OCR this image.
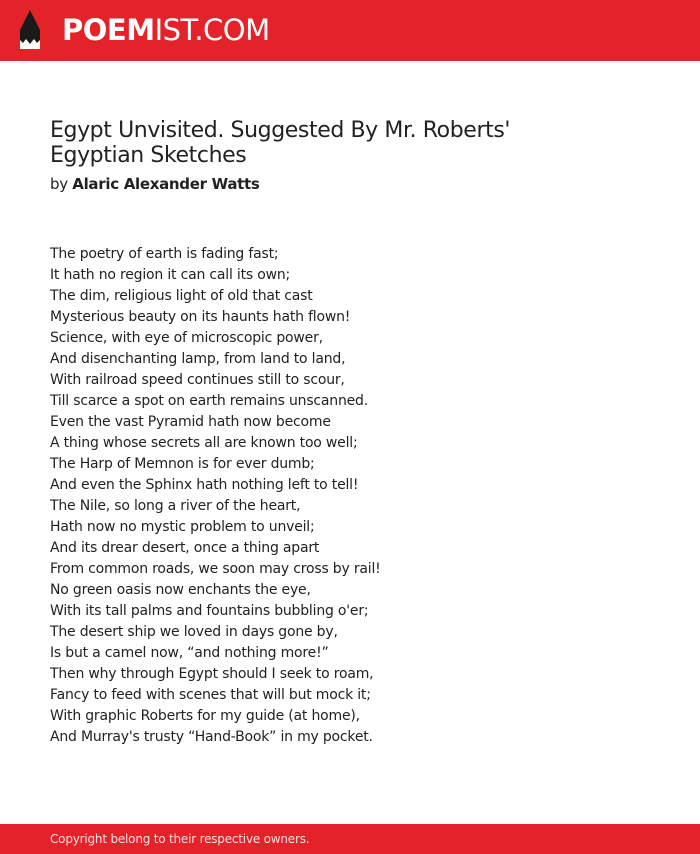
POEMIST.COM
Egypt Unvisited. Suggested By Mr. Roberts' Egyptian Sketches
by Alaric Alexander Watts
The poetry of earth is fading fast;
It hath no region it can call its own;
The dim, religious light of old that cast
Mysterious beauty on its haunts hath flown!
Science, with eye of microscopic power,
And disenchanting lamp, from land to land,
With railroad speed continues still to scour,
Till scarce a spot on earth remains unscanned.
Even the vast Pyramid hath now become
A thing whose secrets all are known too well;
The Harp of Memnon is for ever dumb;
And even the Sphinx hath nothing left to tell!
The Nile, so long a river of the heart,
Hath now no mystic problem to unveil;
And its drear desert, once a thing apart
From common roads, we soon may cross by rail!
No green oasis now enchants the eye,
With its tall palms and fountains bubbling o'er;
The desert ship we loved in days gone by,
Is but a camel now, “and nothing more!”
Then why through Egypt should I seek to roam,
Fancy to feed with scenes that will but mock it;
With graphic Roberts for my guide (at home),
And Murray's trusty “Hand-Book” in my pocket.
Copyright belong to their respective owners.
